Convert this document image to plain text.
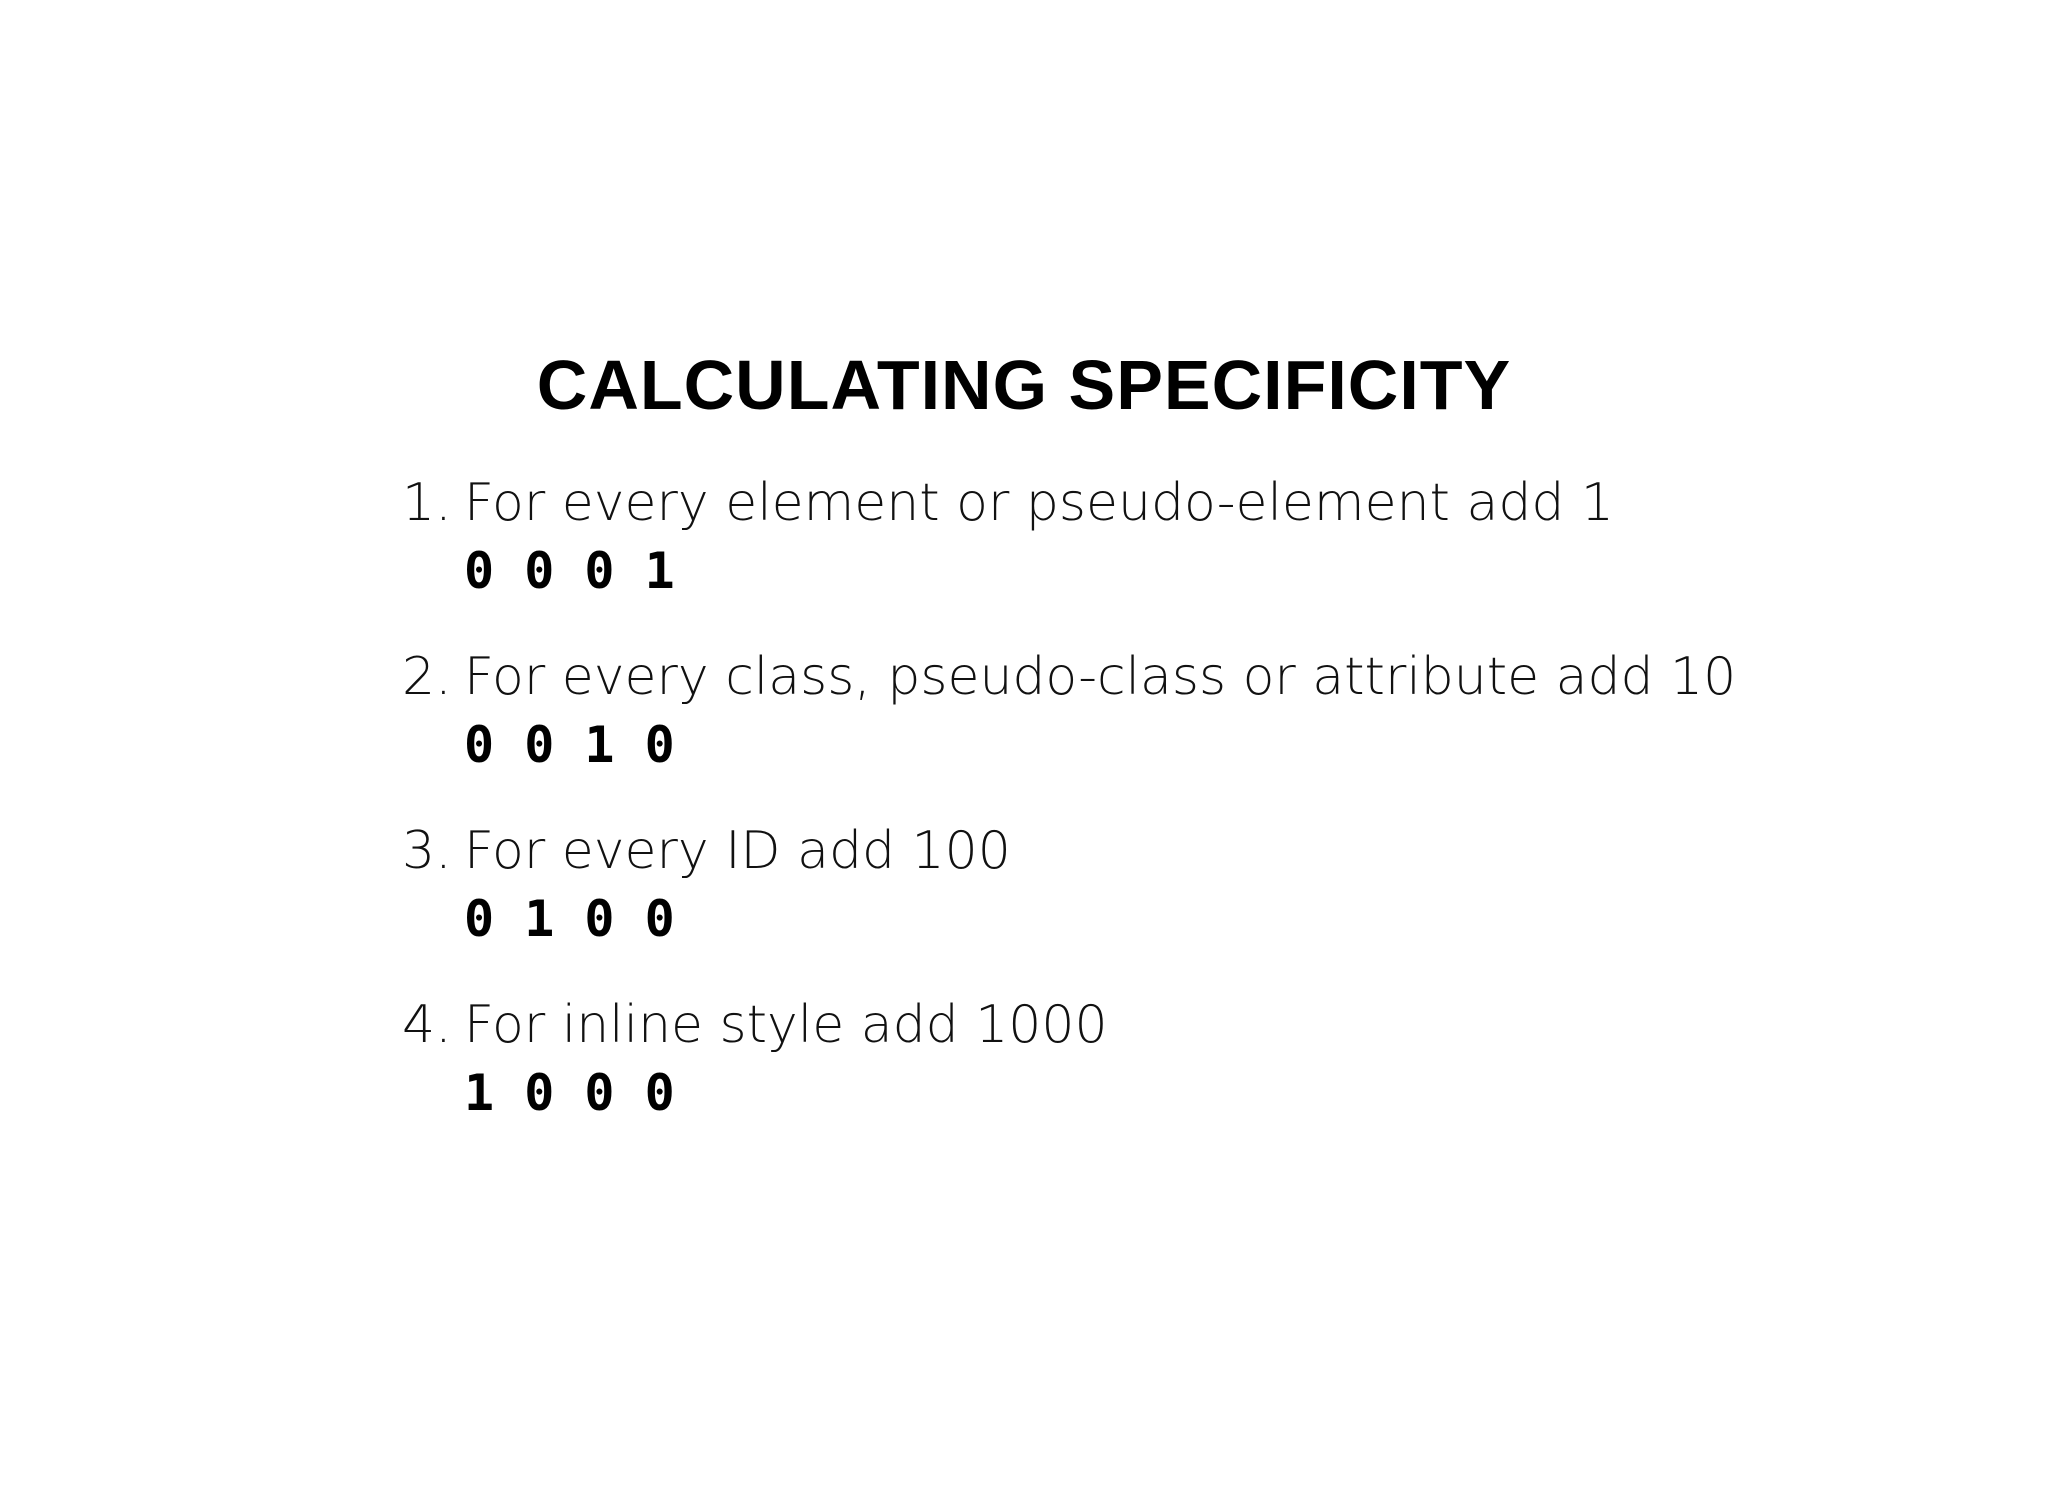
CALCULATING SPECIFICITY
1. For every element or pseudo-element add 1
0 0 0 1
2. For every class, pseudo-class or attribute add 10
0 0 1 0
3. For every ID add 100
0 1 0 0
4. For inline style add 1000
1 0 0 0
